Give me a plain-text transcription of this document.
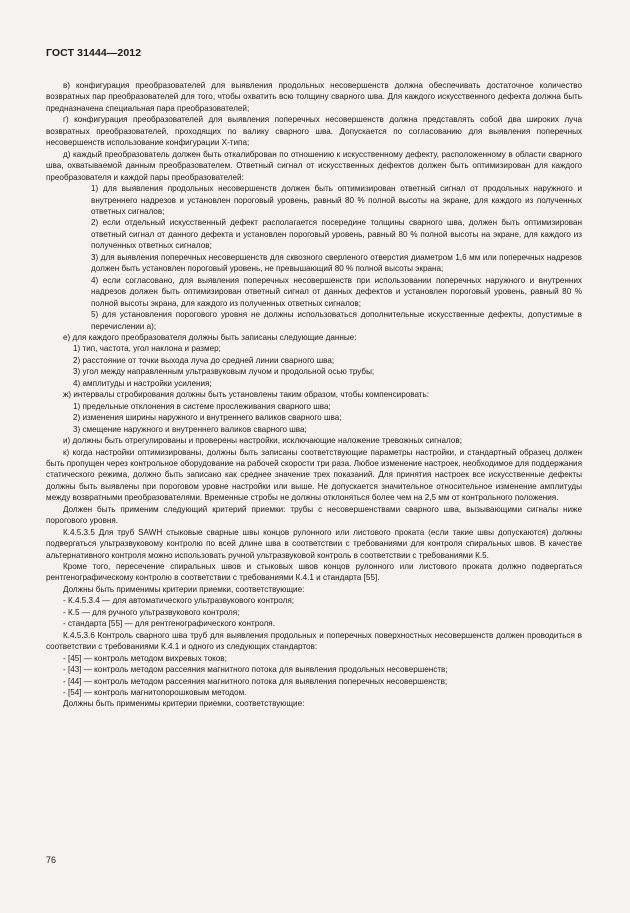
ГОСТ 31444—2012

в) конфигурация преобразователей для выявления продольных несовершенств должна обеспечивать достаточное количество возвратных пар преобразователей для того, чтобы охватить всю толщину сварного шва. Для каждого искусственного дефекта должна быть предназначена специальная пара преобразователей;

г) конфигурация преобразователей для выявления поперечных несовершенств должна представлять собой два широких луча возвратных преобразователей, проходящих по валику сварного шва. Допускается по согласованию для выявления поперечных несовершенств использование конфигурации Х-типа;

д) каждый преобразователь должен быть откалиброван по отношению к искусственному дефекту, расположенному в области сварного шва, охватываемой данным преобразователем. Ответный сигнал от искусственных дефектов должен быть оптимизирован для каждого преобразователя и каждой пары преобразователей:

1) для выявления продольных несовершенств должен быть оптимизирован ответный сигнал от продольных наружного и внутреннего надрезов и установлен пороговый уровень, равный 80 % полной высоты на экране, для каждого из полученных ответных сигналов;

2) если отдельный искусственный дефект располагается посередине толщины сварного шва, должен быть оптимизирован ответный сигнал от данного дефекта и установлен пороговый уровень, равный 80 % полной высоты на экране, для каждого из полученных ответных сигналов;

3) для выявления поперечных несовершенств для сквозного сверленого отверстия диаметром 1,6 мм или поперечных надрезов должен быть установлен пороговый уровень, не превышающий 80 % полной высоты экрана;

4) если согласовано, для выявления поперечных несовершенств при использовании поперечных наружного и внутренних надрезов должен быть оптимизирован ответный сигнал от данных дефектов и установлен пороговый уровень, равный 80 % полной высоты экрана, для каждого из полученных ответных сигналов;

5) для установления порогового уровня не должны использоваться дополнительные искусственные дефекты, допустимые в перечислении а);

е) для каждого преобразователя должны быть записаны следующие данные:

1) тип, частота, угол наклона и размер;

2) расстояние от точки выхода луча до средней линии сварного шва;

3) угол между направленным ультразвуковым лучом и продольной осью трубы;

4) амплитуды и настройки усиления;

ж) интервалы стробирования должны быть установлены таким образом, чтобы компенсировать:

1) предельные отклонения в системе прослеживания сварного шва;

2) изменения ширины наружного и внутреннего валиков сварного шва;

3) смещение наружного и внутреннего валиков сварного шва;

и) должны быть отрегулированы и проверены настройки, исключающие наложение тревожных сигналов;

к) когда настройки оптимизированы, должны быть записаны соответствующие параметры настройки, и стандартный образец должен быть пропущен через контрольное оборудование на рабочей скорости три раза. Любое изменение настроек, необходимое для поддержания статического режима, должно быть записано как среднее значение трех показаний. Для принятия настроек все искусственные дефекты должны быть выявлены при пороговом уровне настройки или выше. Не допускается значительное относительное изменение амплитуды между возвратными преобразователями. Временные стробы не должны отклоняться более чем на 2,5 мм от контрольного положения.

Должен быть применим следующий критерий приемки: трубы с несовершенствами сварного шва, вызывающими сигналы ниже порогового уровня.

К.4.5.3.5 Для труб SAWH стыковые сварные швы концов рулонного или листового проката (если такие швы допускаются) должны подвергаться ультразвуковому контролю по всей длине шва в соответствии с требованиями для контроля спиральных швов. В качестве альтернативного контроля можно использовать ручной ультразвуковой контроль в соответствии с требованиями К.5.

Кроме того, пересечение спиральных швов и стыковых швов концов рулонного или листового проката должно подвергаться рентгенографическому контролю в соответствии с требованиями К.4.1 и стандарта [55].

Должны быть применимы критерии приемки, соответствующие:

- К.4.5.3.4 — для автоматического ультразвукового контроля;

- К.5 — для ручного ультразвукового контроля;

- стандарта [55] — для рентгенографического контроля.

К.4.5.3.6 Контроль сварного шва труб для выявления продольных и поперечных поверхностных несовершенств должен проводиться в соответствии с требованиями К.4.1 и одного из следующих стандартов:

- [45] — контроль методом вихревых токов;

- [43] — контроль методом рассеяния магнитного потока для выявления продольных несовершенств;

- [44] — контроль методом рассеяния магнитного потока для выявления поперечных несовершенств;

- [54] — контроль магнитопорошковым методом.

Должны быть применимы критерии приемки, соответствующие:

76
